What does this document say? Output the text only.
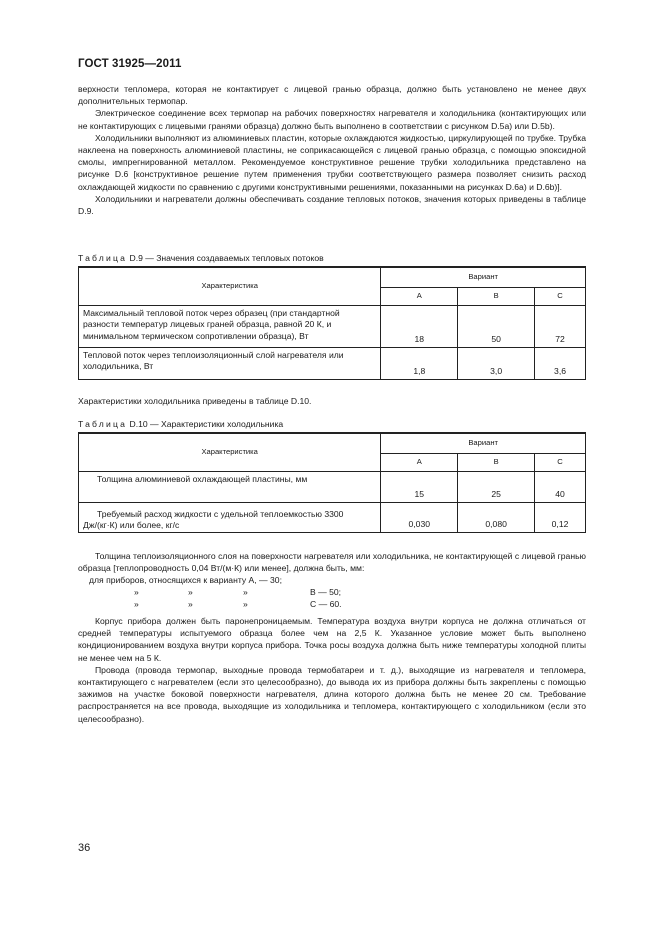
ГОСТ 31925—2011

верхности тепломера, которая не контактирует с лицевой гранью образца, должно быть установлено не менее двух дополнительных термопар.

Электрическое соединение всех термопар на рабочих поверхностях нагревателя и холодильника (контактирующих или не контактирующих с лицевыми гранями образца) должно быть выполнено в соответствии с рисунком D.5a) или D.5b).

Холодильники выполняют из алюминиевых пластин, которые охлаждаются жидкостью, циркулирующей по трубке. Трубка наклеена на поверхность алюминиевой пластины, не соприкасающейся с лицевой гранью образца, с помощью эпоксидной смолы, импрегнированной металлом. Рекомендуемое конструктивное решение трубки холодильника представлено на рисунке D.6 [конструктивное решение путем применения трубки соответствующего размера позволяет снизить расход охлаждающей жидкости по сравнению с другими конструктивными решениями, показанными на рисунках D.6a) и D.6b)].

Холодильники и нагреватели должны обеспечивать создание тепловых потоков, значения которых приведены в таблице D.9.

Таблица D.9 — Значения создаваемых тепловых потоков
Характеристика	Вариант		
	A	B	C
Максимальный тепловой поток через образец (при стандартной разности температур лицевых граней образца, равной 20 К, и минимальном термическом сопротивлении образца), Вт	18	50	72
Тепловой поток через теплоизоляционный слой нагревателя или холодильника, Вт	1,8	3,0	3,6

Характеристики холодильника приведены в таблице D.10.

Таблица D.10 — Характеристики холодильника
Характеристика	Вариант		
	A	B	C
Толщина алюминиевой охлаждающей пластины, мм	15	25	40
Требуемый расход жидкости с удельной теплоемкостью 3300 Дж/(кг·К) или более, кг/с	0,030	0,080	0,12

Толщина теплоизоляционного слоя на поверхности нагревателя или холодильника, не контактирующей с лицевой гранью образца [теплопроводность 0,04 Вт/(м·К) или менее], должна быть, мм:

для приборов, относящихся к варианту А, — 30;
»	»	»	В — 50;
»	»	»	С — 60.

Корпус прибора должен быть паронепроницаемым. Температура воздуха внутри корпуса не должна отличаться от средней температуры испытуемого образца более чем на 2,5 К. Указанное условие может быть выполнено кондиционированием воздуха внутри корпуса прибора. Точка росы воздуха должна быть ниже температуры холодной плиты не менее чем на 5 К.

Провода (провода термопар, выходные провода термобатареи и т. д.), выходящие из нагревателя и тепломера, контактирующего с нагревателем (если это целесообразно), до вывода их из прибора должны быть закреплены с помощью зажимов на участке боковой поверхности нагревателя, длина которого должна быть не менее 20 см. Требование распространяется на все провода, выходящие из холодильника и тепломера, контактирующего с холодильником (если это целесообразно).

36
